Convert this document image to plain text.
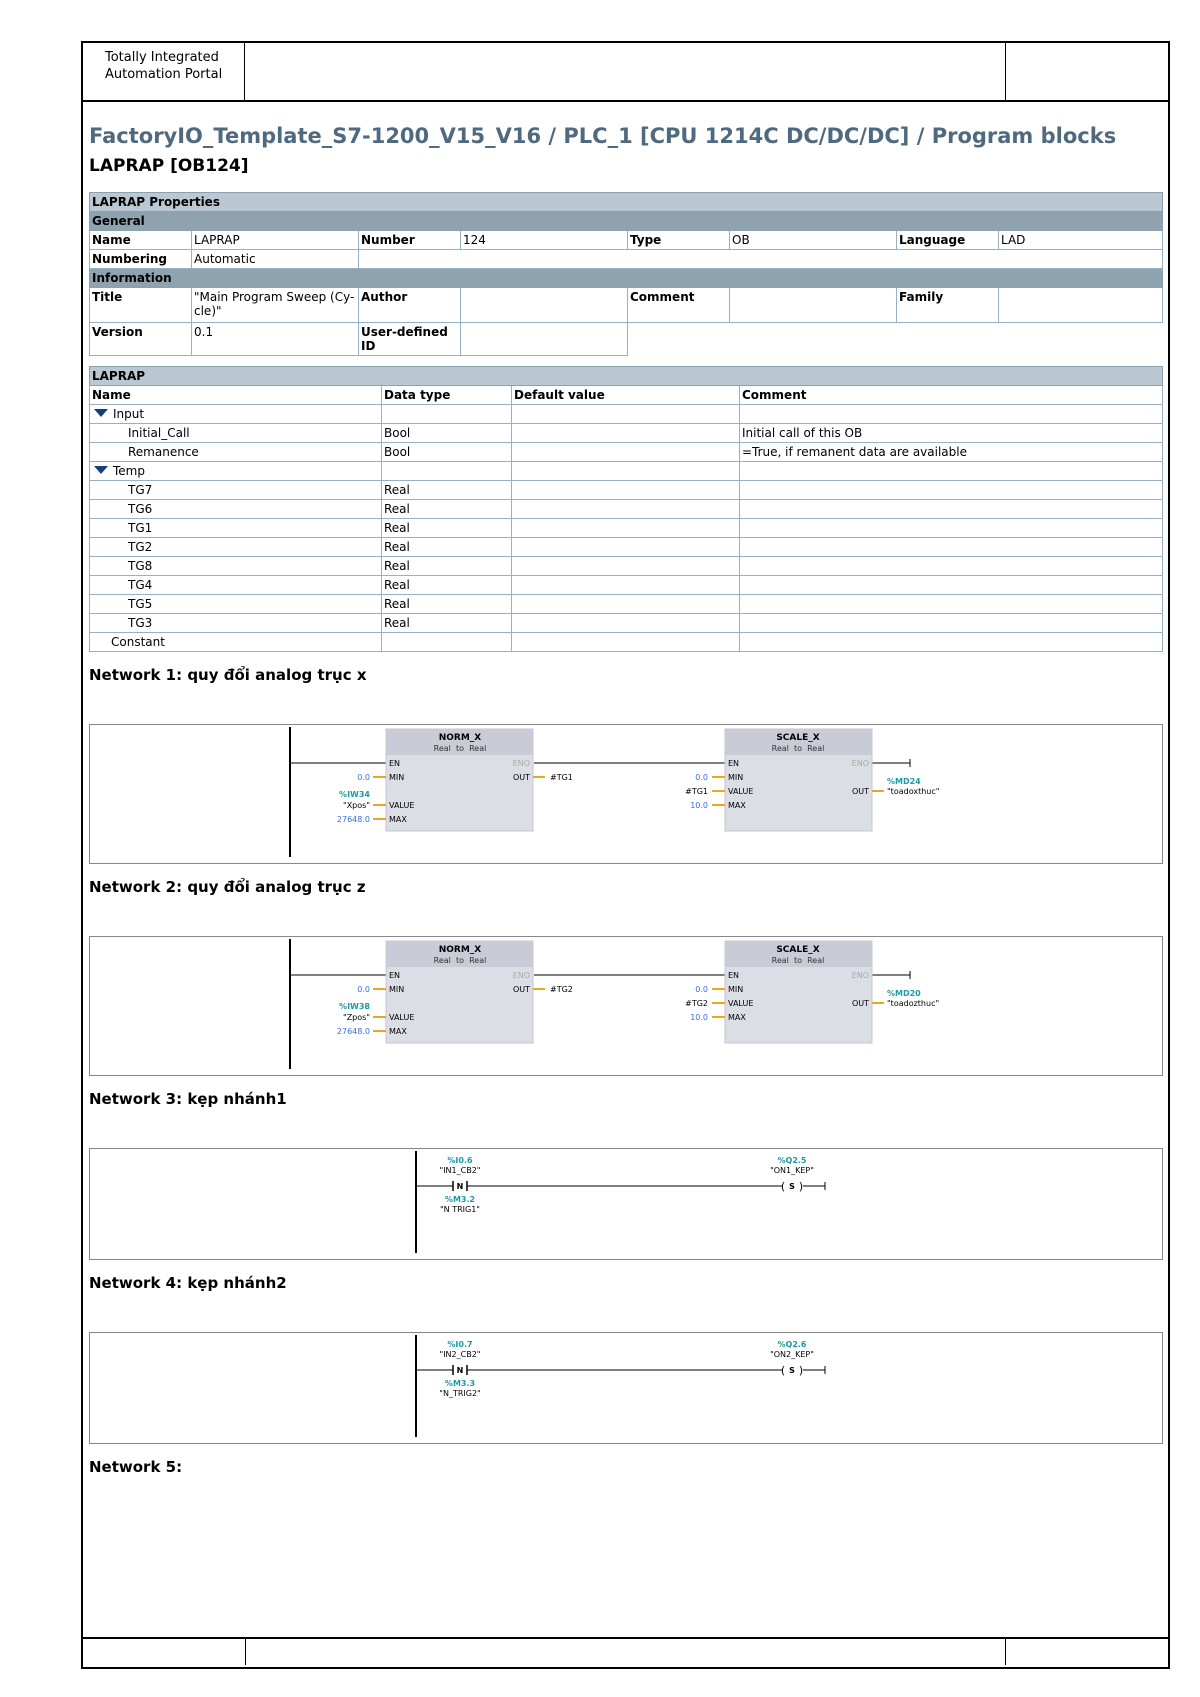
Totally Integrated
Automation Portal
FactoryIO_Template_S7-1200_V15_V16 / PLC_1 [CPU 1214C DC/DC/DC] / Program blocks
LAPRAP [OB124]
LAPRAP Properties							
General							
Name	LAPRAP	Number	124	Type	OB	Language	LAD
Numbering	Automatic						
Information							
Title	"Main Program Sweep (Cy-cle)"	Author		Comment		Family	
Version	0.1	User-defined ID					
LAPRAP			
Name	Data type	Default value	Comment
Input			
Initial_Call	Bool		Initial call of this OB
Remanence	Bool		=True, if remanent data are available
Temp			
TG7	Real		
TG6	Real		
TG1	Real		
TG2	Real		
TG8	Real		
TG4	Real		
TG5	Real		
TG3	Real		
Constant			
Network 1: quy đổi analog trục x
NORM_X
Real  to  Real
EN	ENO
MIN	OUT
VALUE
MAX
0.0
%IW34
"Xpos"
27648.0
#TG1
SCALE_X
Real  to  Real
EN	ENO
MIN
VALUE	OUT
MAX
0.0
#TG1
10.0
%MD24
"toadoxthuc"
Network 2: quy đổi analog trục z
NORM_X
Real  to  Real
EN	ENO
MIN	OUT
VALUE
MAX
0.0
%IW38
"Zpos"
27648.0
#TG2
SCALE_X
Real  to  Real
EN	ENO
MIN
VALUE	OUT
MAX
0.0
#TG2
10.0
%MD20
"toadozthuc"
Network 3: kẹp nhánh1
%I0.6
"IN1_CB2"
N
%M3.2
"N TRIG1"
%Q2.5
"ON1_KEP"
( S )
Network 4: kẹp nhánh2
%I0.7
"IN2_CB2"
N
%M3.3
"N_TRIG2"
%Q2.6
"ON2_KEP"
( S )
Network 5:
